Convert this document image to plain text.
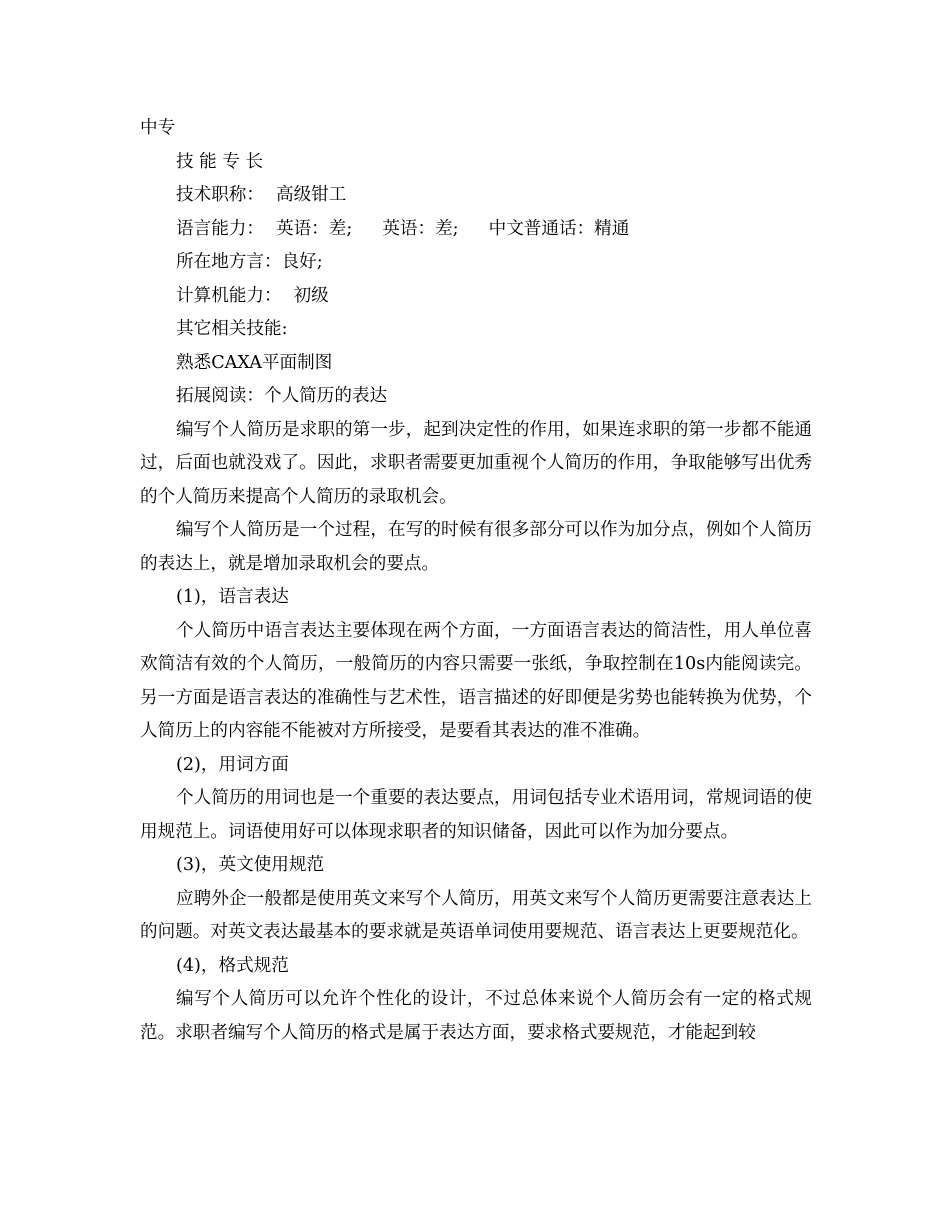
中专

技 能 专 长

技术职称： 高级钳工

语言能力： 英语：差; 英语：差; 中文普通话：精通

所在地方言：良好;

计算机能力： 初级

其它相关技能:

熟悉CAXA平面制图

拓展阅读：个人简历的表达

编写个人简历是求职的第一步，起到决定性的作用，如果连求职的第一步都不能通过，后面也就没戏了。因此，求职者需要更加重视个人简历的作用，争取能够写出优秀的个人简历来提高个人简历的录取机会。

编写个人简历是一个过程，在写的时候有很多部分可以作为加分点，例如个人简历的表达上，就是增加录取机会的要点。

(1)，语言表达

个人简历中语言表达主要体现在两个方面，一方面语言表达的简洁性，用人单位喜欢简洁有效的个人简历，一般简历的内容只需要一张纸，争取控制在10s内能阅读完。另一方面是语言表达的准确性与艺术性，语言描述的好即便是劣势也能转换为优势，个人简历上的内容能不能被对方所接受，是要看其表达的准不准确。

(2)，用词方面

个人简历的用词也是一个重要的表达要点，用词包括专业术语用词，常规词语的使用规范上。词语使用好可以体现求职者的知识储备，因此可以作为加分要点。

(3)，英文使用规范

应聘外企一般都是使用英文来写个人简历，用英文来写个人简历更需要注意表达上的问题。对英文表达最基本的要求就是英语单词使用要规范、语言表达上更要规范化。

(4)，格式规范

编写个人简历可以允许个性化的设计，不过总体来说个人简历会有一定的格式规范。求职者编写个人简历的格式是属于表达方面，要求格式要规范，才能起到较
